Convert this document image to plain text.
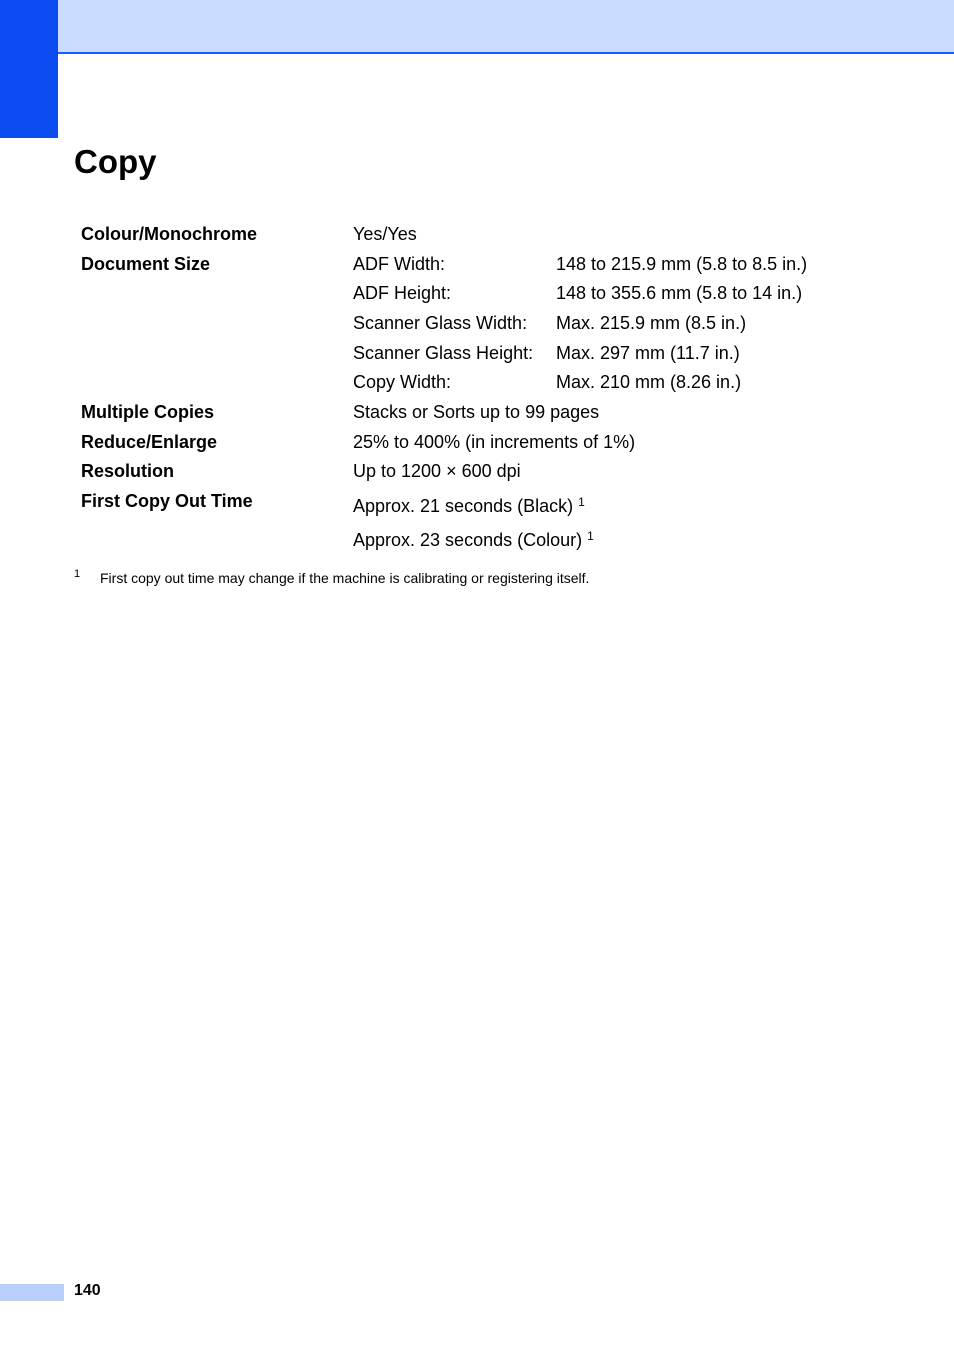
Copy
Colour/Monochrome	Yes/Yes
Document Size	ADF Width:	148 to 215.9 mm (5.8 to 8.5 in.)
ADF Height:	148 to 355.6 mm (5.8 to 14 in.)
Scanner Glass Width: Max. 215.9 mm (8.5 in.)
Scanner Glass Height: Max. 297 mm (11.7 in.)
Copy Width:	Max. 210 mm (8.26 in.)
Multiple Copies	Stacks or Sorts up to 99 pages
Reduce/Enlarge	25% to 400% (in increments of 1%)
Resolution	Up to 1200 × 600 dpi
First Copy Out Time	Approx. 21 seconds (Black) $^1$
Approx. 23 seconds (Colour) $^1$
1 First copy out time may change if the machine is calibrating or registering itself.
140
